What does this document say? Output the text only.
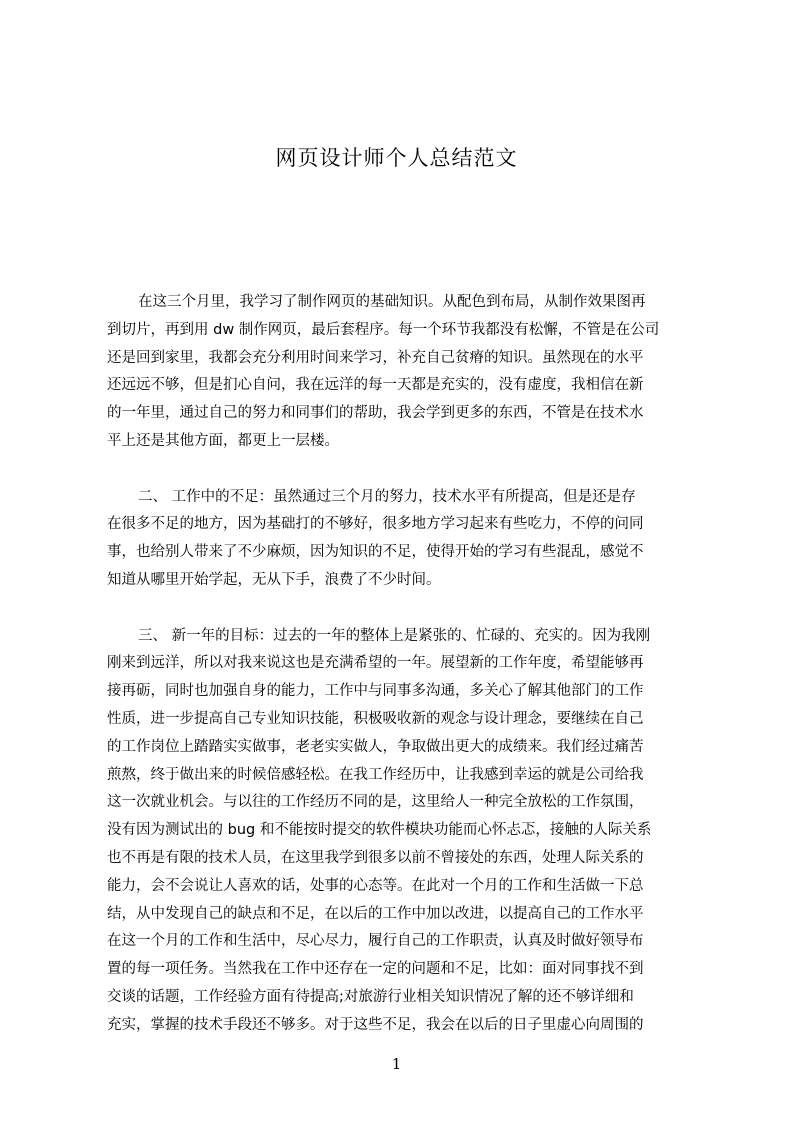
网页设计师个人总结范文
在这三个月里，我学习了制作网页的基础知识。从配色到布局，从制作效果图再
到切片，再到用 dw 制作网页，最后套程序。每一个环节我都没有松懈，不管是在公司
还是回到家里，我都会充分利用时间来学习，补充自己贫瘠的知识。虽然现在的水平
还远远不够，但是扪心自问，我在远洋的每一天都是充实的，没有虚度，我相信在新
的一年里，通过自己的努力和同事们的帮助，我会学到更多的东西，不管是在技术水
平上还是其他方面，都更上一层楼。
二、 工作中的不足：虽然通过三个月的努力，技术水平有所提高，但是还是存
在很多不足的地方，因为基础打的不够好，很多地方学习起来有些吃力，不停的问同
事，也给别人带来了不少麻烦，因为知识的不足，使得开始的学习有些混乱，感觉不
知道从哪里开始学起，无从下手，浪费了不少时间。
三、 新一年的目标：过去的一年的整体上是紧张的、忙碌的、充实的。因为我刚
刚来到远洋，所以对我来说这也是充满希望的一年。展望新的工作年度，希望能够再
接再砺，同时也加强自身的能力，工作中与同事多沟通，多关心了解其他部门的工作
性质，进一步提高自己专业知识技能，积极吸收新的观念与设计理念，要继续在自己
的工作岗位上踏踏实实做事，老老实实做人，争取做出更大的成绩来。我们经过痛苦
煎熬，终于做出来的时候倍感轻松。在我工作经历中，让我感到幸运的就是公司给我
这一次就业机会。与以往的工作经历不同的是，这里给人一种完全放松的工作氛围，
没有因为测试出的 bug 和不能按时提交的软件模块功能而心怀忐忑，接触的人际关系
也不再是有限的技术人员，在这里我学到很多以前不曾接处的东西，处理人际关系的
能力，会不会说让人喜欢的话，处事的心态等。在此对一个月的工作和生活做一下总
结，从中发现自己的缺点和不足，在以后的工作中加以改进，以提高自己的工作水平
在这一个月的工作和生活中，尽心尽力，履行自己的工作职责，认真及时做好领导布
置的每一项任务。当然我在工作中还存在一定的问题和不足，比如：面对同事找不到
交谈的话题，工作经验方面有待提高;对旅游行业相关知识情况了解的还不够详细和
充实，掌握的技术手段还不够多。对于这些不足，我会在以后的日子里虚心向周围的
1
